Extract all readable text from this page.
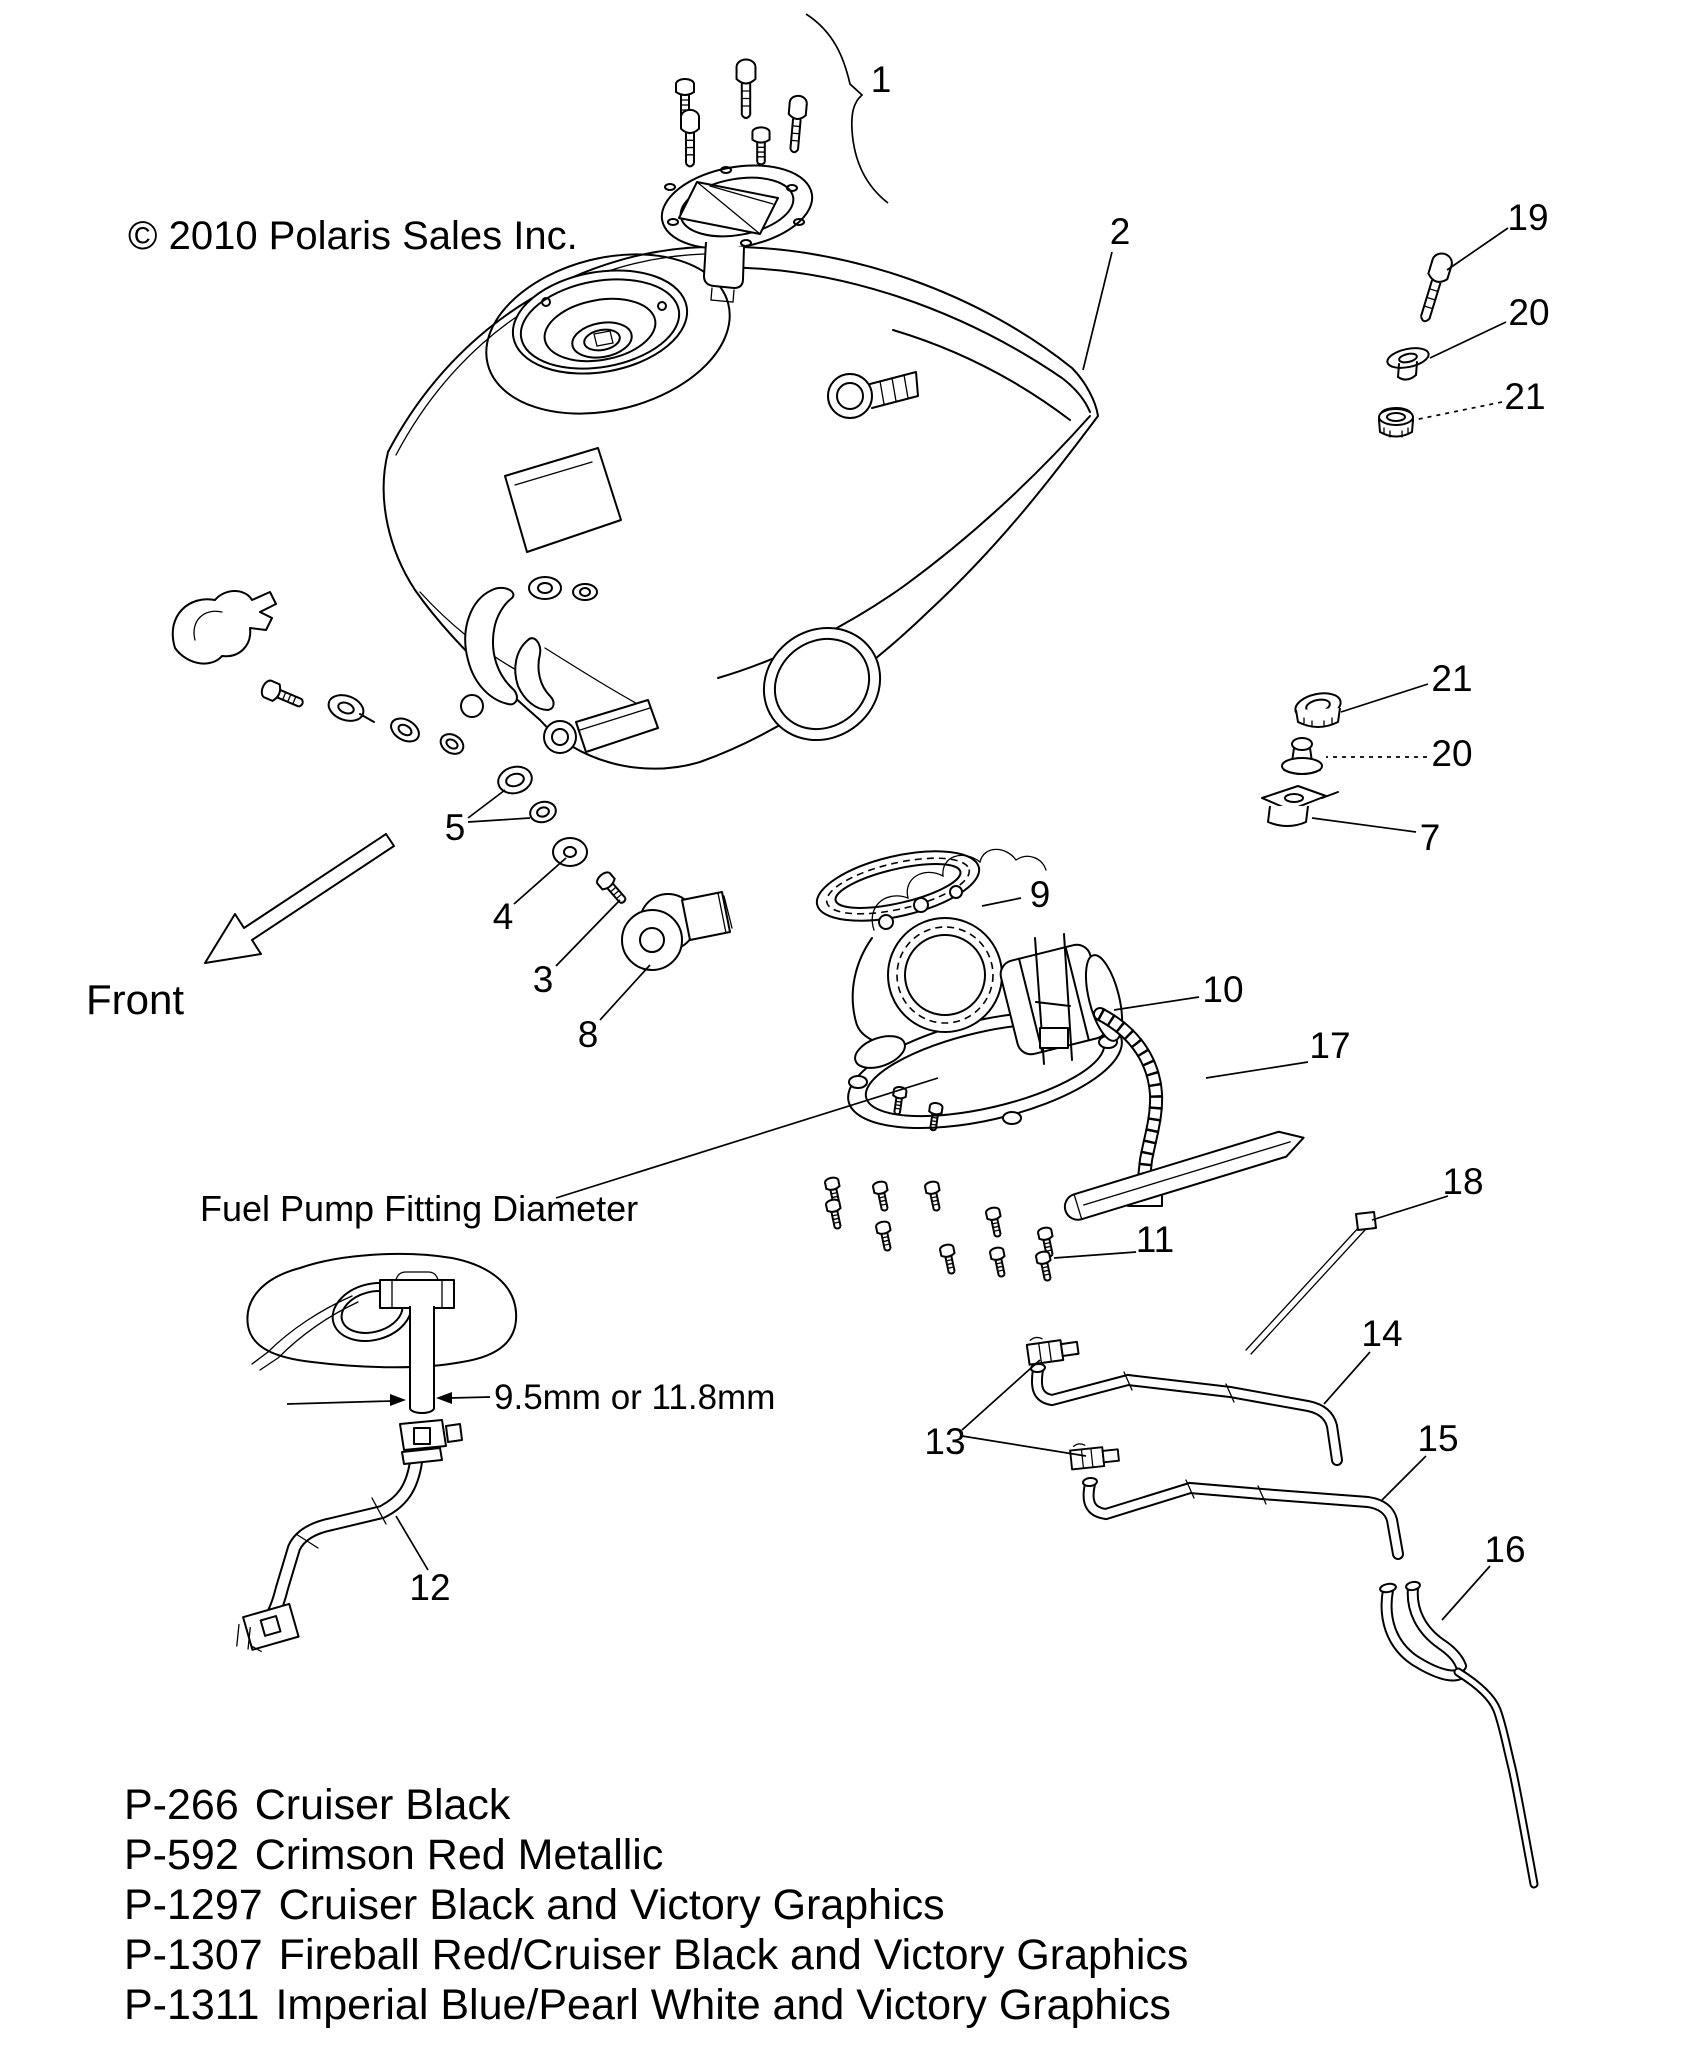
© 2010 Polaris Sales Inc.
Front
Fuel Pump Fitting Diameter
9.5mm or 11.8mm
1
2
3
4
5	7
8
9
10
11
12
13
14
15
16
17
18
19
20
21
21
20
P-266 Cruiser Black
P-592 Crimson Red Metallic
P-1297 Cruiser Black and Victory Graphics
P-1307 Fireball Red/Cruiser Black and Victory Graphics
P-1311 Imperial Blue/Pearl White and Victory Graphics
